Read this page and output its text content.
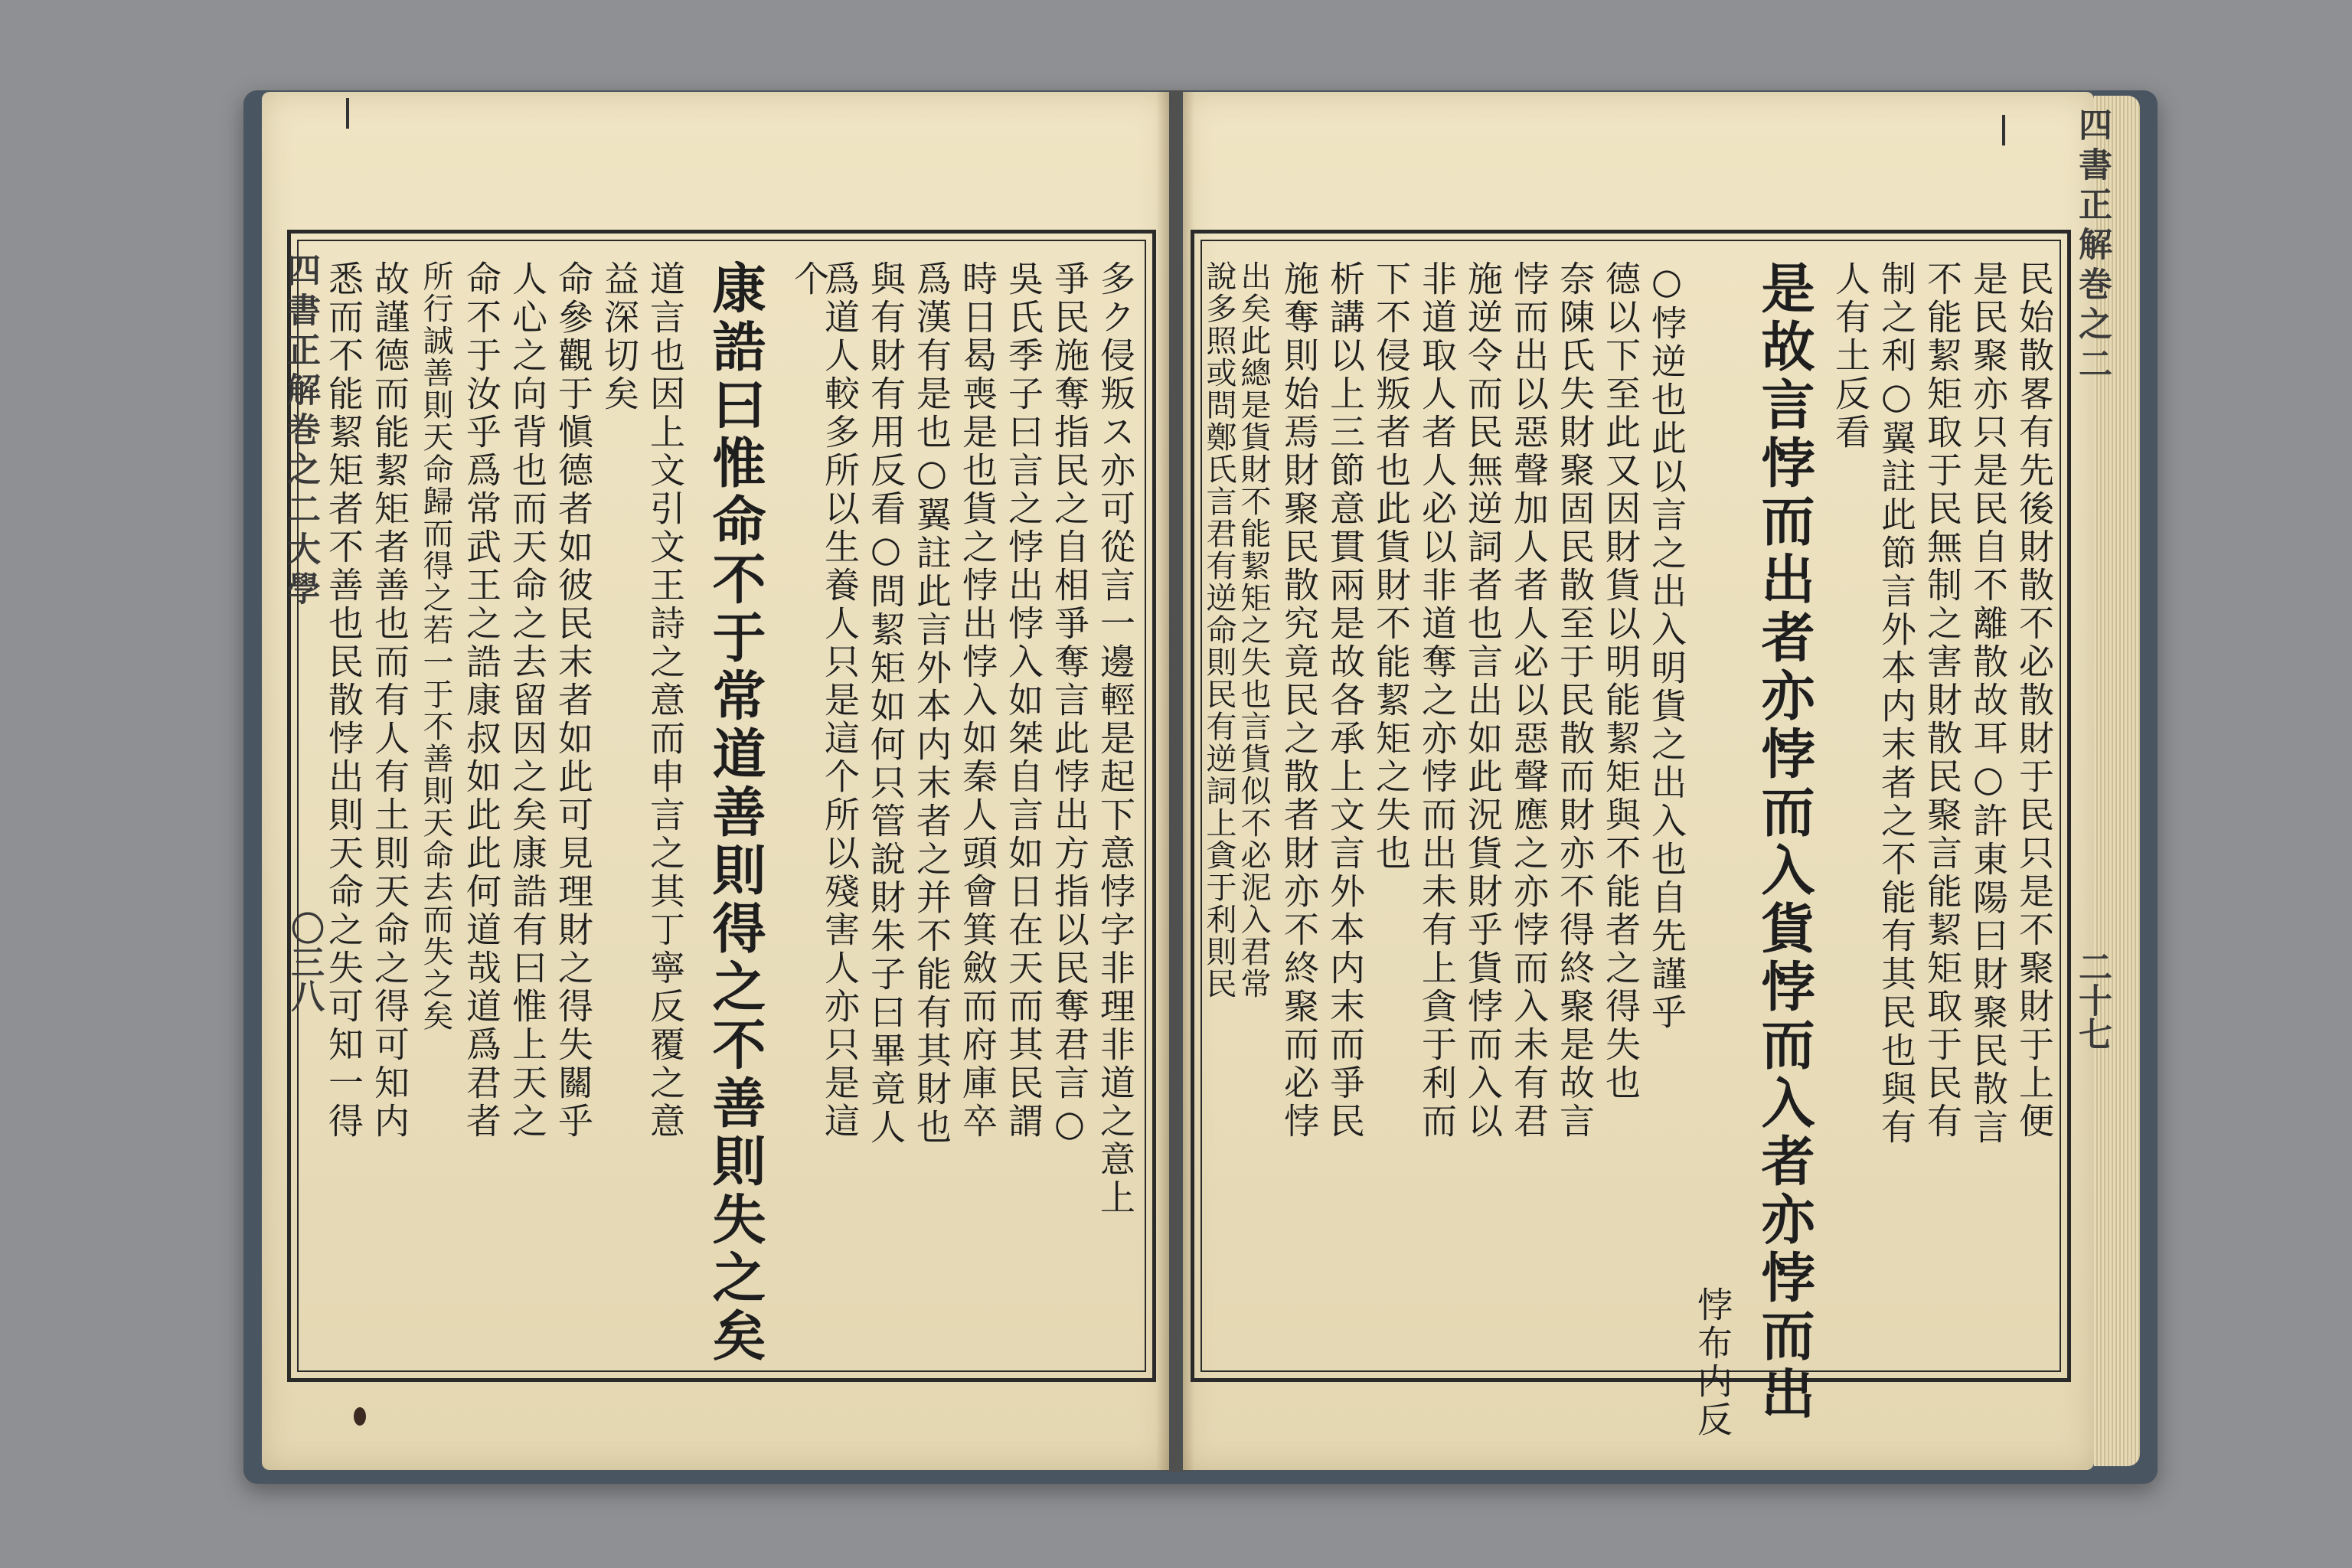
四書正解巻之二大學
〇三八
四書正解巻之二
二十七
多ク侵叛ス亦可從言一邊輕是起下意悖字非理非道之意上
爭民施奪指民之自相爭奪言此悖出方指以民奪君言○
吳氏季子曰言之悖出悖入如桀自言如日在天而其民謂
時日曷喪是也貨之悖出悖入如秦人頭會箕斂而府庫卒
爲漢有是也○翼註此言外本内末者之并不能有其財也
與有財有用反看○問絜矩如何只管說財朱子曰畢竟人
爲道人較多所以生養人只是這个所以殘害人亦只是這
个
康誥曰惟命不于常道善則得之不善則失之矣
道言也因上文引文王詩之意而申言之其丁寧反覆之意
益深切矣
命參觀于愼德者如彼民末者如此可見理財之得失關乎
人心之向背也而天命之去留因之矣康誥有曰惟上天之
命不于汝乎爲常武王之誥康叔如此此何道哉道爲君者
所行誠善則天命歸而得之若一于不善則天命去而失之矣
故謹德而能絜矩者善也而有人有土則天命之得可知内
悉而不能絜矩者不善也民散悖出則天命之失可知一得	民始散畧有先後財散不必散財于民只是不聚財于上便
是民聚亦只是民自不離散故耳○許東陽曰財聚民散言
不能絜矩取于民無制之害財散民聚言能絜矩取于民有
制之利○翼註此節言外本内末者之不能有其民也與有
人有土反看
是故言悖而出者亦悖而入貨悖而入者亦悖而出
悖布内反
○悖逆也此以言之出入明貨之出入也自先謹乎
德以下至此又因財貨以明能絜矩與不能者之得失也
奈陳氏失財聚固民散至于民散而財亦不得終聚是故言
悖而出以惡聲加人者人必以惡聲應之亦悖而入未有君
施逆令而民無逆詞者也言出如此況貨財乎貨悖而入以
非道取人者人必以非道奪之亦悖而出未有上貪于利而
下不侵叛者也此貨財不能絜矩之失也
析講以上三節意貫兩是故各承上文言外本内末而爭民
施奪則始焉財聚民散究竟民之散者財亦不終聚而必悖
出矣此總是貨財不能絜矩之失也言貨似不必泥入君常
說多照或問鄭氏言君有逆命則民有逆詞上貪于利則民
